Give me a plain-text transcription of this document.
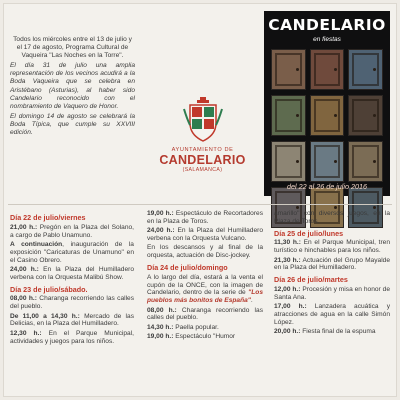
Todos los miércoles entre el 13 de julio y el 17 de agosto, Programa Cultural de Vaqueira "Las Noches en la Torre".

El día 31 de julio una amplia representación de los vecinos acudirá a la Boda Vaqueira que se celebra en Aristébano (Asturias), al haber sido Candelario reconocido con el nombramiento de Vaquero de Honor.

El domingo 14 de agosto se celebrará la Boda Típica, que cumple su XXVIII edición.

AYUNTAMIENTO DE
CANDELARIO
(SALAMANCA)
CANDELARIO
en fiestas
del 22 al 26 de julio 2016

Día 22 de julio/viernes

21,00 h.: Pregón en la Plaza del Solano, a cargo de Pablo Unamuno.

A continuación, inauguración de la exposición "Caricaturas de Unamuno" en el Casino Obrero.

24,00 h.: En la Plaza del Humilladero verbena con la Orquesta Malibú Show.

Día 23 de julio/sábado.

08,00 h.: Charanga recorriendo las calles del pueblo.

De 11,00 a 14,30 h.: Mercado de las Delicias, en la Plaza del Humilladero.

12,30 h.: En el Parque Municipal, actividades y juegos para los niños.

19,00 h.: Espectáculo de Recortadores en la Plaza de Toros.

24,00 h.: En la Plaza del Humilladero verbena con la Orquesta Vulcano.

En los descansos y al final de la orquesta, actuación de Disc-jockey.

Día 24 de julio/domingo

A lo largo del día, estará a la venta el cupón de la ONCE, con la imagen de Candelario, dentro de la serie de "Los pueblos más bonitos de España".

08,00 h.: Charanga recorriendo las calles del pueblo.

14,30 h.: Paella popular.

19,00 h.: Espectáculo "Humor

amarillo" con diversos juegos, en la Plaza de Toros.

Día 25 de julio/lunes

11,30 h.: En el Parque Municipal, tren turístico e hinchables para los niños.

21,30 h.: Actuación del Grupo Mayalde en la Plaza del Humilladero.

Día 26 de julio/martes

12,00 h.: Procesión y misa en honor de Santa Ana.

17,00 h.: Lanzadera acuática y atracciones de agua en la calle Simón López.

20,00 h.: Fiesta final de la espuma
